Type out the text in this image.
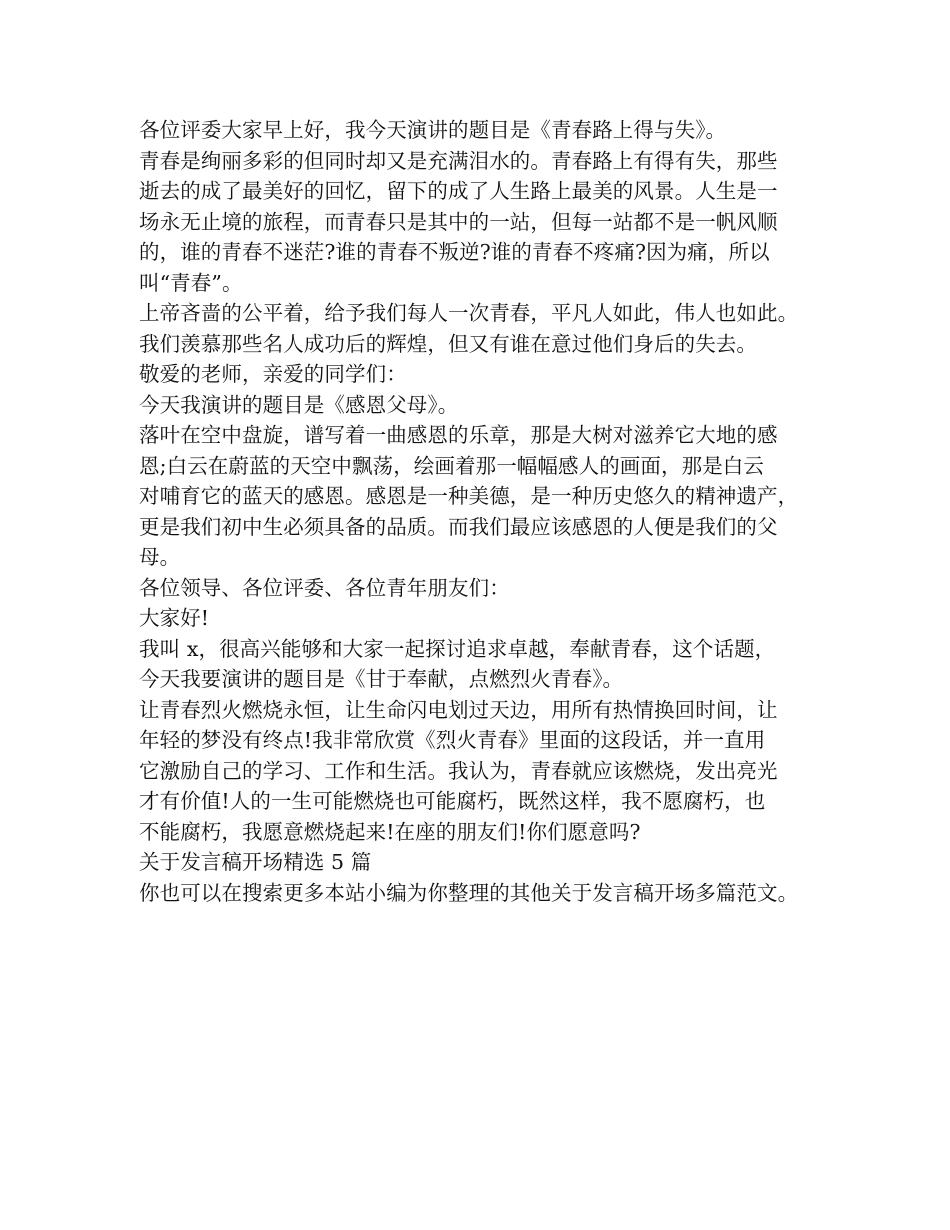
各位评委大家早上好，我今天演讲的题目是《青春路上得与失》。
青春是绚丽多彩的但同时却又是充满泪水的。青春路上有得有失，那些
逝去的成了最美好的回忆，留下的成了人生路上最美的风景。人生是一
场永无止境的旅程，而青春只是其中的一站，但每一站都不是一帆风顺
的，谁的青春不迷茫?谁的青春不叛逆?谁的青春不疼痛?因为痛，所以
叫“青春”。
上帝吝啬的公平着，给予我们每人一次青春，平凡人如此，伟人也如此。
我们羡慕那些名人成功后的辉煌，但又有谁在意过他们身后的失去。
敬爱的老师，亲爱的同学们：
今天我演讲的题目是《感恩父母》。
落叶在空中盘旋，谱写着一曲感恩的乐章，那是大树对滋养它大地的感
恩;白云在蔚蓝的天空中飘荡，绘画着那一幅幅感人的画面，那是白云
对哺育它的蓝天的感恩。感恩是一种美德，是一种历史悠久的精神遗产，
更是我们初中生必须具备的品质。而我们最应该感恩的人便是我们的父
母。
各位领导、各位评委、各位青年朋友们：
大家好!
我叫 x，很高兴能够和大家一起探讨追求卓越，奉献青春，这个话题，
今天我要演讲的题目是《甘于奉献，点燃烈火青春》。
让青春烈火燃烧永恒，让生命闪电划过天边，用所有热情换回时间，让
年轻的梦没有终点!我非常欣赏《烈火青春》里面的这段话，并一直用
它激励自己的学习、工作和生活。我认为，青春就应该燃烧，发出亮光
才有价值!人的一生可能燃烧也可能腐朽，既然这样，我不愿腐朽，也
不能腐朽，我愿意燃烧起来!在座的朋友们!你们愿意吗?
关于发言稿开场精选 5 篇
你也可以在搜索更多本站小编为你整理的其他关于发言稿开场多篇范文。
